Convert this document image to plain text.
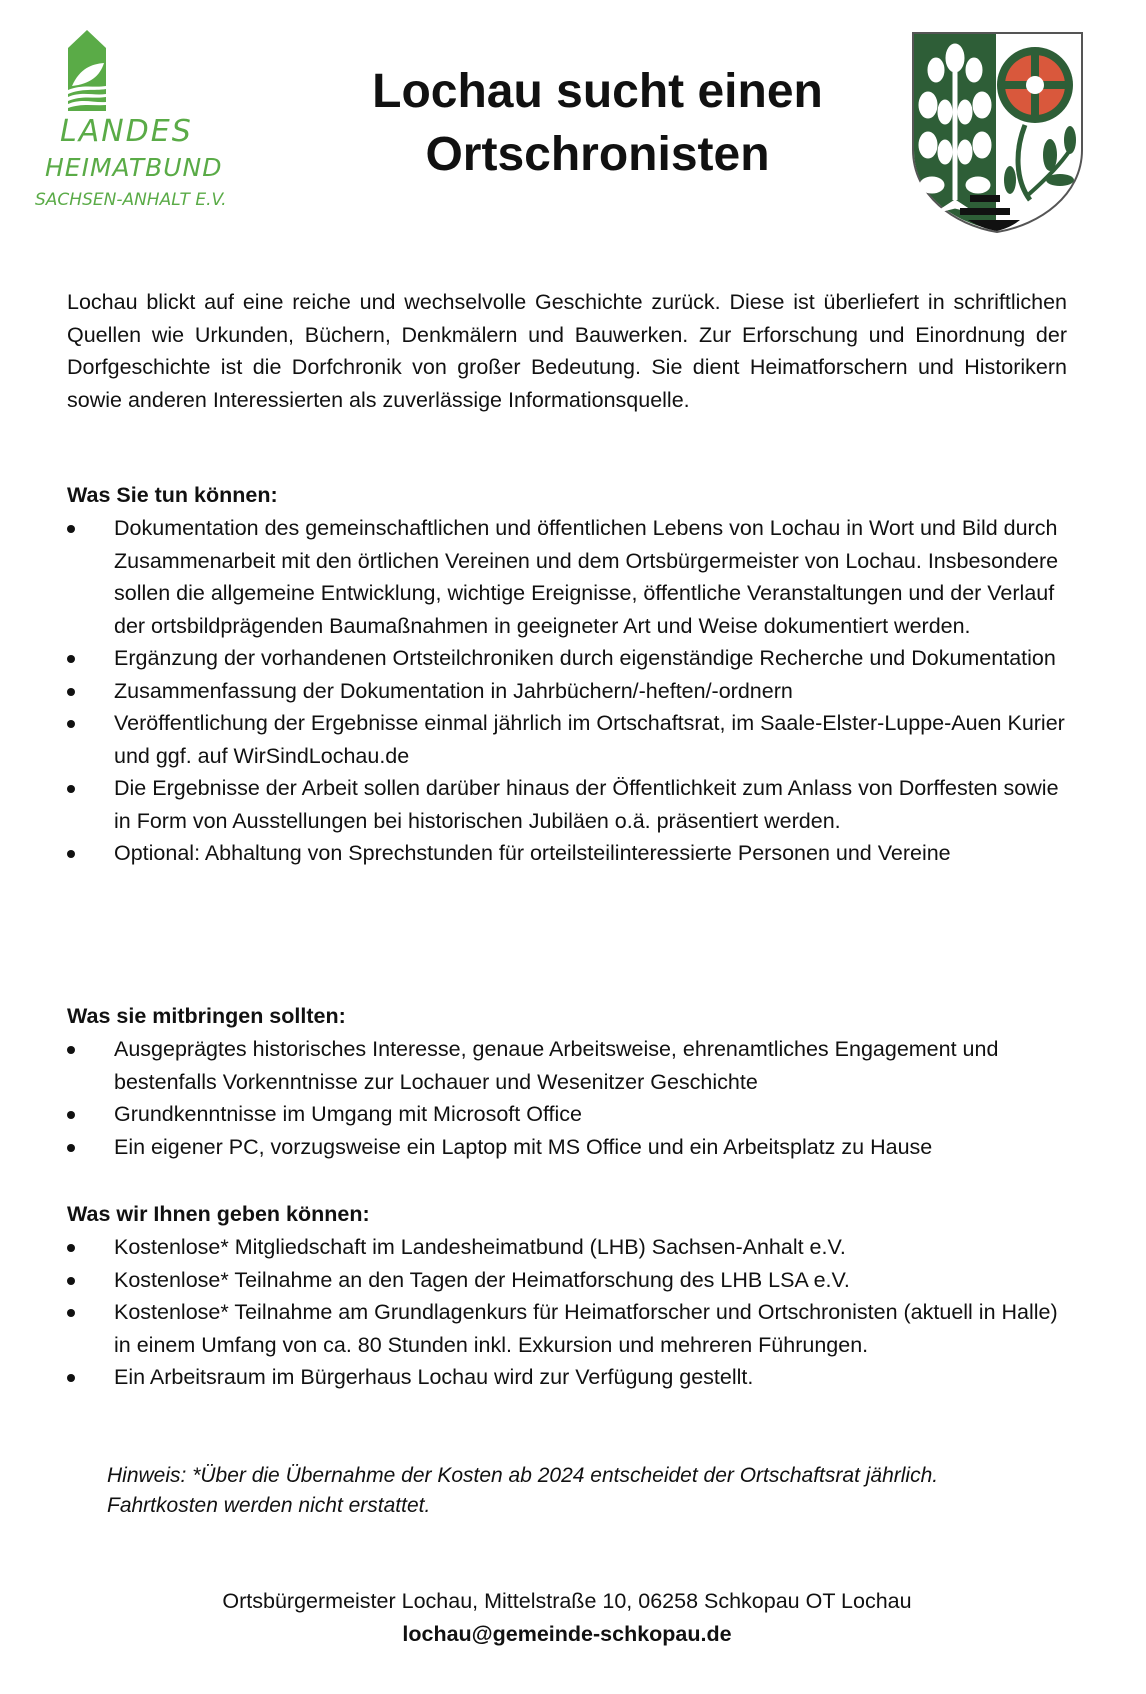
LANDES
HEIMATBUND
SACHSEN-ANHALT E.V.
Lochau sucht einen
Ortschronisten
Lochau blickt auf eine reiche und wechselvolle Geschichte zurück. Diese ist überliefert in schriftlichen Quellen wie Urkunden, Büchern, Denkmälern und Bauwerken. Zur Erforschung und Einordnung der Dorfgeschichte ist die Dorfchronik von großer Bedeutung. Sie dient Heimatforschern und Historikern sowie anderen Interessierten als zuverlässige Informationsquelle.
Was Sie tun können:
Dokumentation des gemeinschaftlichen und öffentlichen Lebens von Lochau in Wort und Bild durch Zusammenarbeit mit den örtlichen Vereinen und dem Ortsbürgermeister von Lochau. Insbesondere sollen die allgemeine Entwicklung, wichtige Ereignisse, öffentliche Veranstaltungen und der Verlauf der ortsbildprägenden Baumaßnahmen in geeigneter Art und Weise dokumentiert werden.
Ergänzung der vorhandenen Ortsteilchroniken durch eigenständige Recherche und Dokumentation
Zusammenfassung der Dokumentation in Jahrbüchern/-heften/-ordnern
Veröffentlichung der Ergebnisse einmal jährlich im Ortschaftsrat, im Saale-Elster-Luppe-Auen Kurier und ggf. auf WirSindLochau.de
Die Ergebnisse der Arbeit sollen darüber hinaus der Öffentlichkeit zum Anlass von Dorffesten sowie in Form von Ausstellungen bei historischen Jubiläen o.ä. präsentiert werden.
Optional: Abhaltung von Sprechstunden für orteilsteilinteressierte Personen und Vereine
Was sie mitbringen sollten:
Ausgeprägtes historisches Interesse, genaue Arbeitsweise, ehrenamtliches Engagement und bestenfalls Vorkenntnisse zur Lochauer und Wesenitzer Geschichte
Grundkenntnisse im Umgang mit Microsoft Office
Ein eigener PC, vorzugsweise ein Laptop mit MS Office und ein Arbeitsplatz zu Hause
Was wir Ihnen geben können:
Kostenlose* Mitgliedschaft im Landesheimatbund (LHB) Sachsen-Anhalt e.V.
Kostenlose* Teilnahme an den Tagen der Heimatforschung des LHB LSA e.V.
Kostenlose* Teilnahme am Grundlagenkurs für Heimatforscher und Ortschronisten (aktuell in Halle) in einem Umfang von ca. 80 Stunden inkl. Exkursion und mehreren Führungen.
Ein Arbeitsraum im Bürgerhaus Lochau wird zur Verfügung gestellt.
Hinweis: *Über die Übernahme der Kosten ab 2024 entscheidet der Ortschaftsrat jährlich.
Fahrtkosten werden nicht erstattet.
Ortsbürgermeister Lochau, Mittelstraße 10, 06258 Schkopau OT Lochau
lochau@gemeinde-schkopau.de
